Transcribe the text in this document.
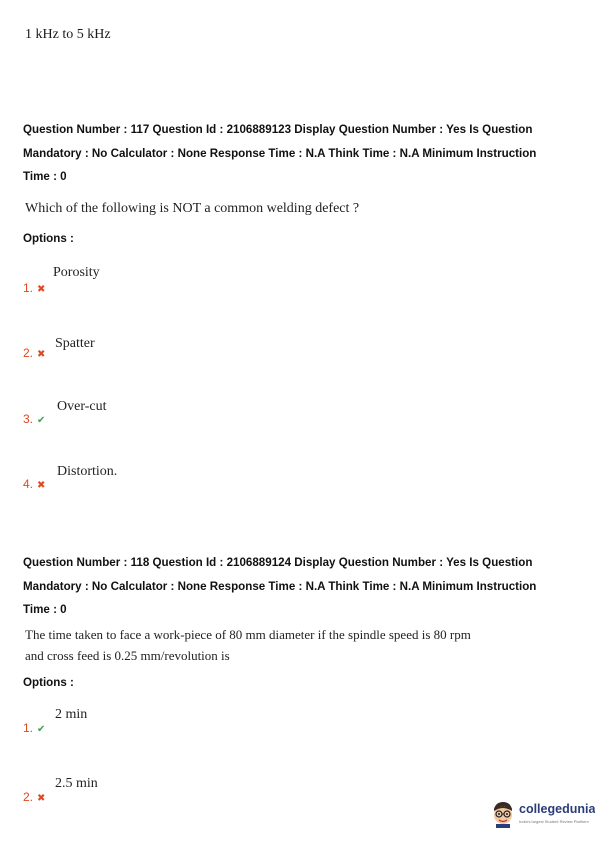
1 kHz to 5 kHz
Question Number : 117 Question Id : 2106889123 Display Question Number : Yes Is Question
Mandatory : No Calculator : None Response Time : N.A Think Time : N.A Minimum Instruction
Time : 0
Which of the following is NOT a common welding defect ?
Options :
1. ✖
Porosity
2. ✖
Spatter
3. ✔
Over-cut
4. ✖
Distortion.
Question Number : 118 Question Id : 2106889124 Display Question Number : Yes Is Question
Mandatory : No Calculator : None Response Time : N.A Think Time : N.A Minimum Instruction
Time : 0
The time taken to face a work-piece of 80 mm diameter if the spindle speed is 80 rpm
and cross feed is 0.25 mm/revolution is
Options :
1. ✔
2 min
2. ✖
2.5 min
collegedunia
India's largest Student Review Platform
